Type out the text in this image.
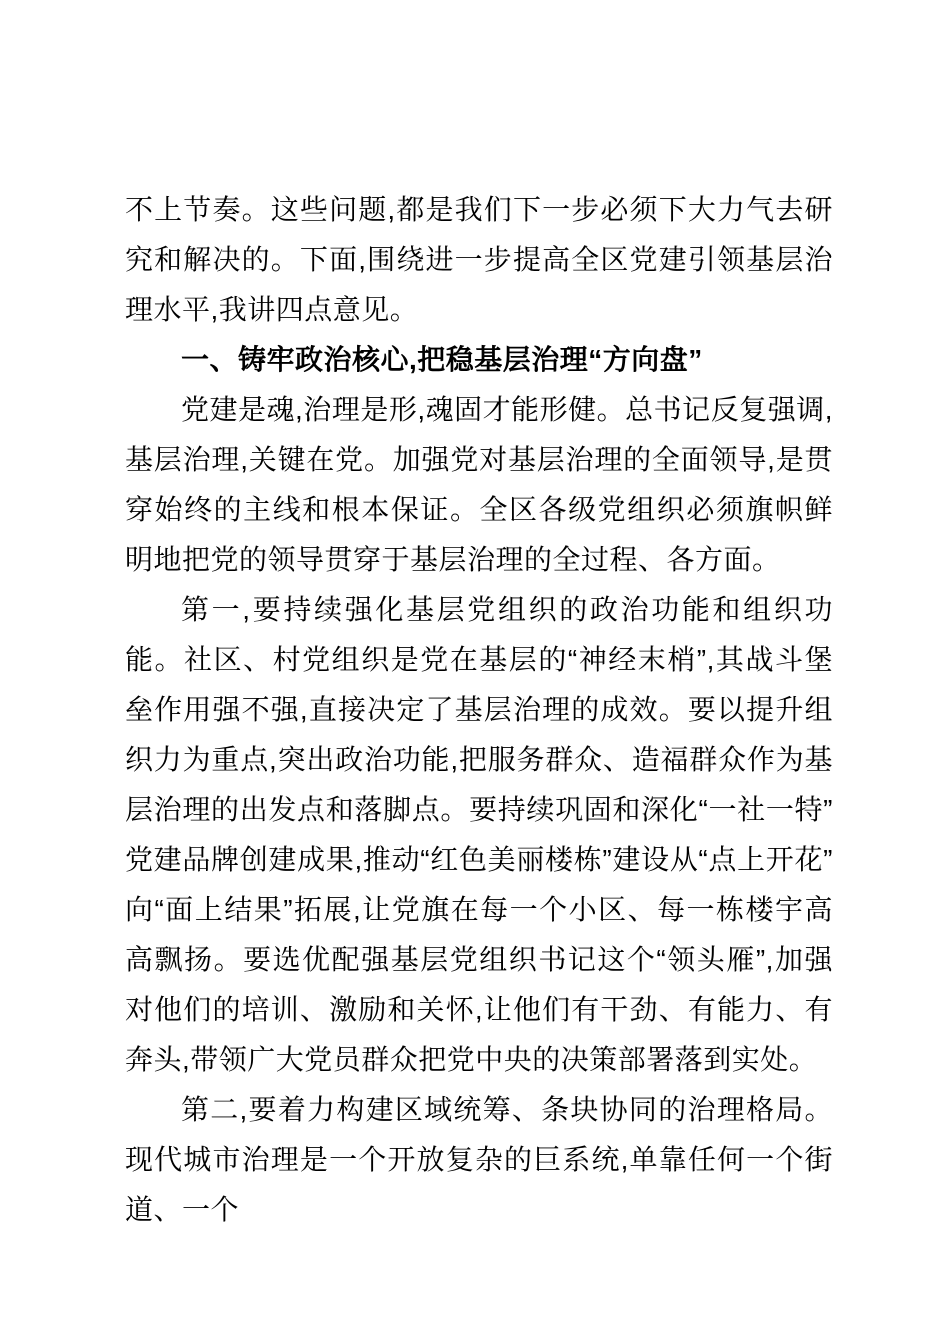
不上节奏。这些问题,都是我们下一步必须下大力气去研究和解决的。下面,围绕进一步提高全区党建引领基层治理水平,我讲四点意见。

一、铸牢政治核心,把稳基层治理“方向盘”

党建是魂,治理是形,魂固才能形健。总书记反复强调,基层治理,关键在党。加强党对基层治理的全面领导,是贯穿始终的主线和根本保证。全区各级党组织必须旗帜鲜明地把党的领导贯穿于基层治理的全过程、各方面。

第一,要持续强化基层党组织的政治功能和组织功能。社区、村党组织是党在基层的“神经末梢”,其战斗堡垒作用强不强,直接决定了基层治理的成效。要以提升组织力为重点,突出政治功能,把服务群众、造福群众作为基层治理的出发点和落脚点。要持续巩固和深化“一社一特”党建品牌创建成果,推动“红色美丽楼栋”建设从“点上开花”向“面上结果”拓展,让党旗在每一个小区、每一栋楼宇高高飘扬。要选优配强基层党组织书记这个“领头雁”,加强对他们的培训、激励和关怀,让他们有干劲、有能力、有奔头,带领广大党员群众把党中央的决策部署落到实处。

第二,要着力构建区域统筹、条块协同的治理格局。现代城市治理是一个开放复杂的巨系统,单靠任何一个街道、一个
